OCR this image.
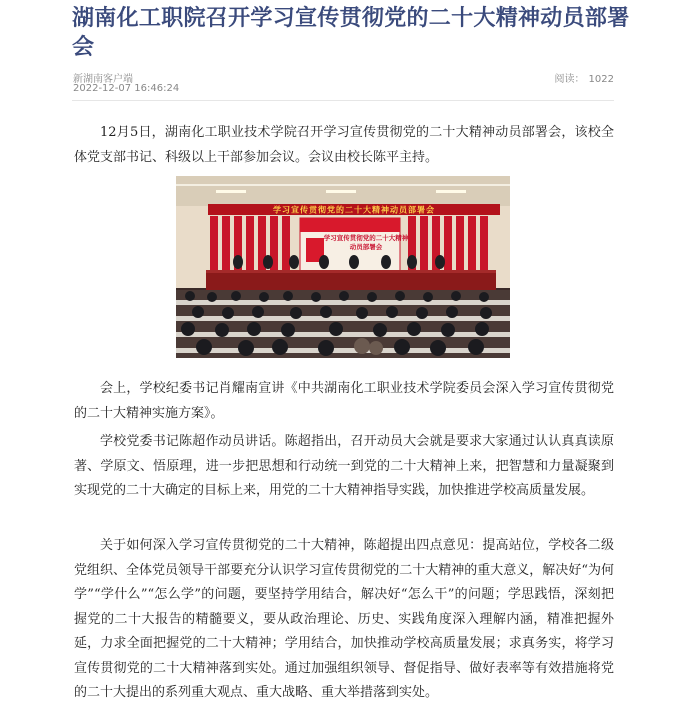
湖南化工职院召开学习宣传贯彻党的二十大精神动员部署会
新湖南客户端
2022-12-07 16:46:24
阅读： 1022

12月5日，湖南化工职业技术学院召开学习宣传贯彻党的二十大精神动员部署会，该校全体党支部书记、科级以上干部参加会议。会议由校长陈平主持。

学习宣传贯彻党的二十大精神动员部署会
学习宣传贯彻党的二十大精神
动员部署会

会上，学校纪委书记肖耀南宣讲《中共湖南化工职业技术学院委员会深入学习宣传贯彻党的二十大精神实施方案》。

学校党委书记陈超作动员讲话。陈超指出，召开动员大会就是要求大家通过认认真真读原著、学原文、悟原理，进一步把思想和行动统一到党的二十大精神上来，把智慧和力量凝聚到实现党的二十大确定的目标上来，用党的二十大精神指导实践，加快推进学校高质量发展。

关于如何深入学习宣传贯彻党的二十大精神，陈超提出四点意见：提高站位，学校各二级党组织、全体党员领导干部要充分认识学习宣传贯彻党的二十大精神的重大意义，解决好“为何学”“学什么”“怎么学”的问题，要坚持学用结合，解决好“怎么干”的问题；学思践悟，深刻把握党的二十大报告的精髓要义，要从政治理论、历史、实践角度深入理解内涵，精准把握外延，力求全面把握党的二十大精神；学用结合，加快推动学校高质量发展；求真务实，将学习宣传贯彻党的二十大精神落到实处。通过加强组织领导、督促指导、做好表率等有效措施将党的二十大提出的系列重大观点、重大战略、重大举措落到实处。
